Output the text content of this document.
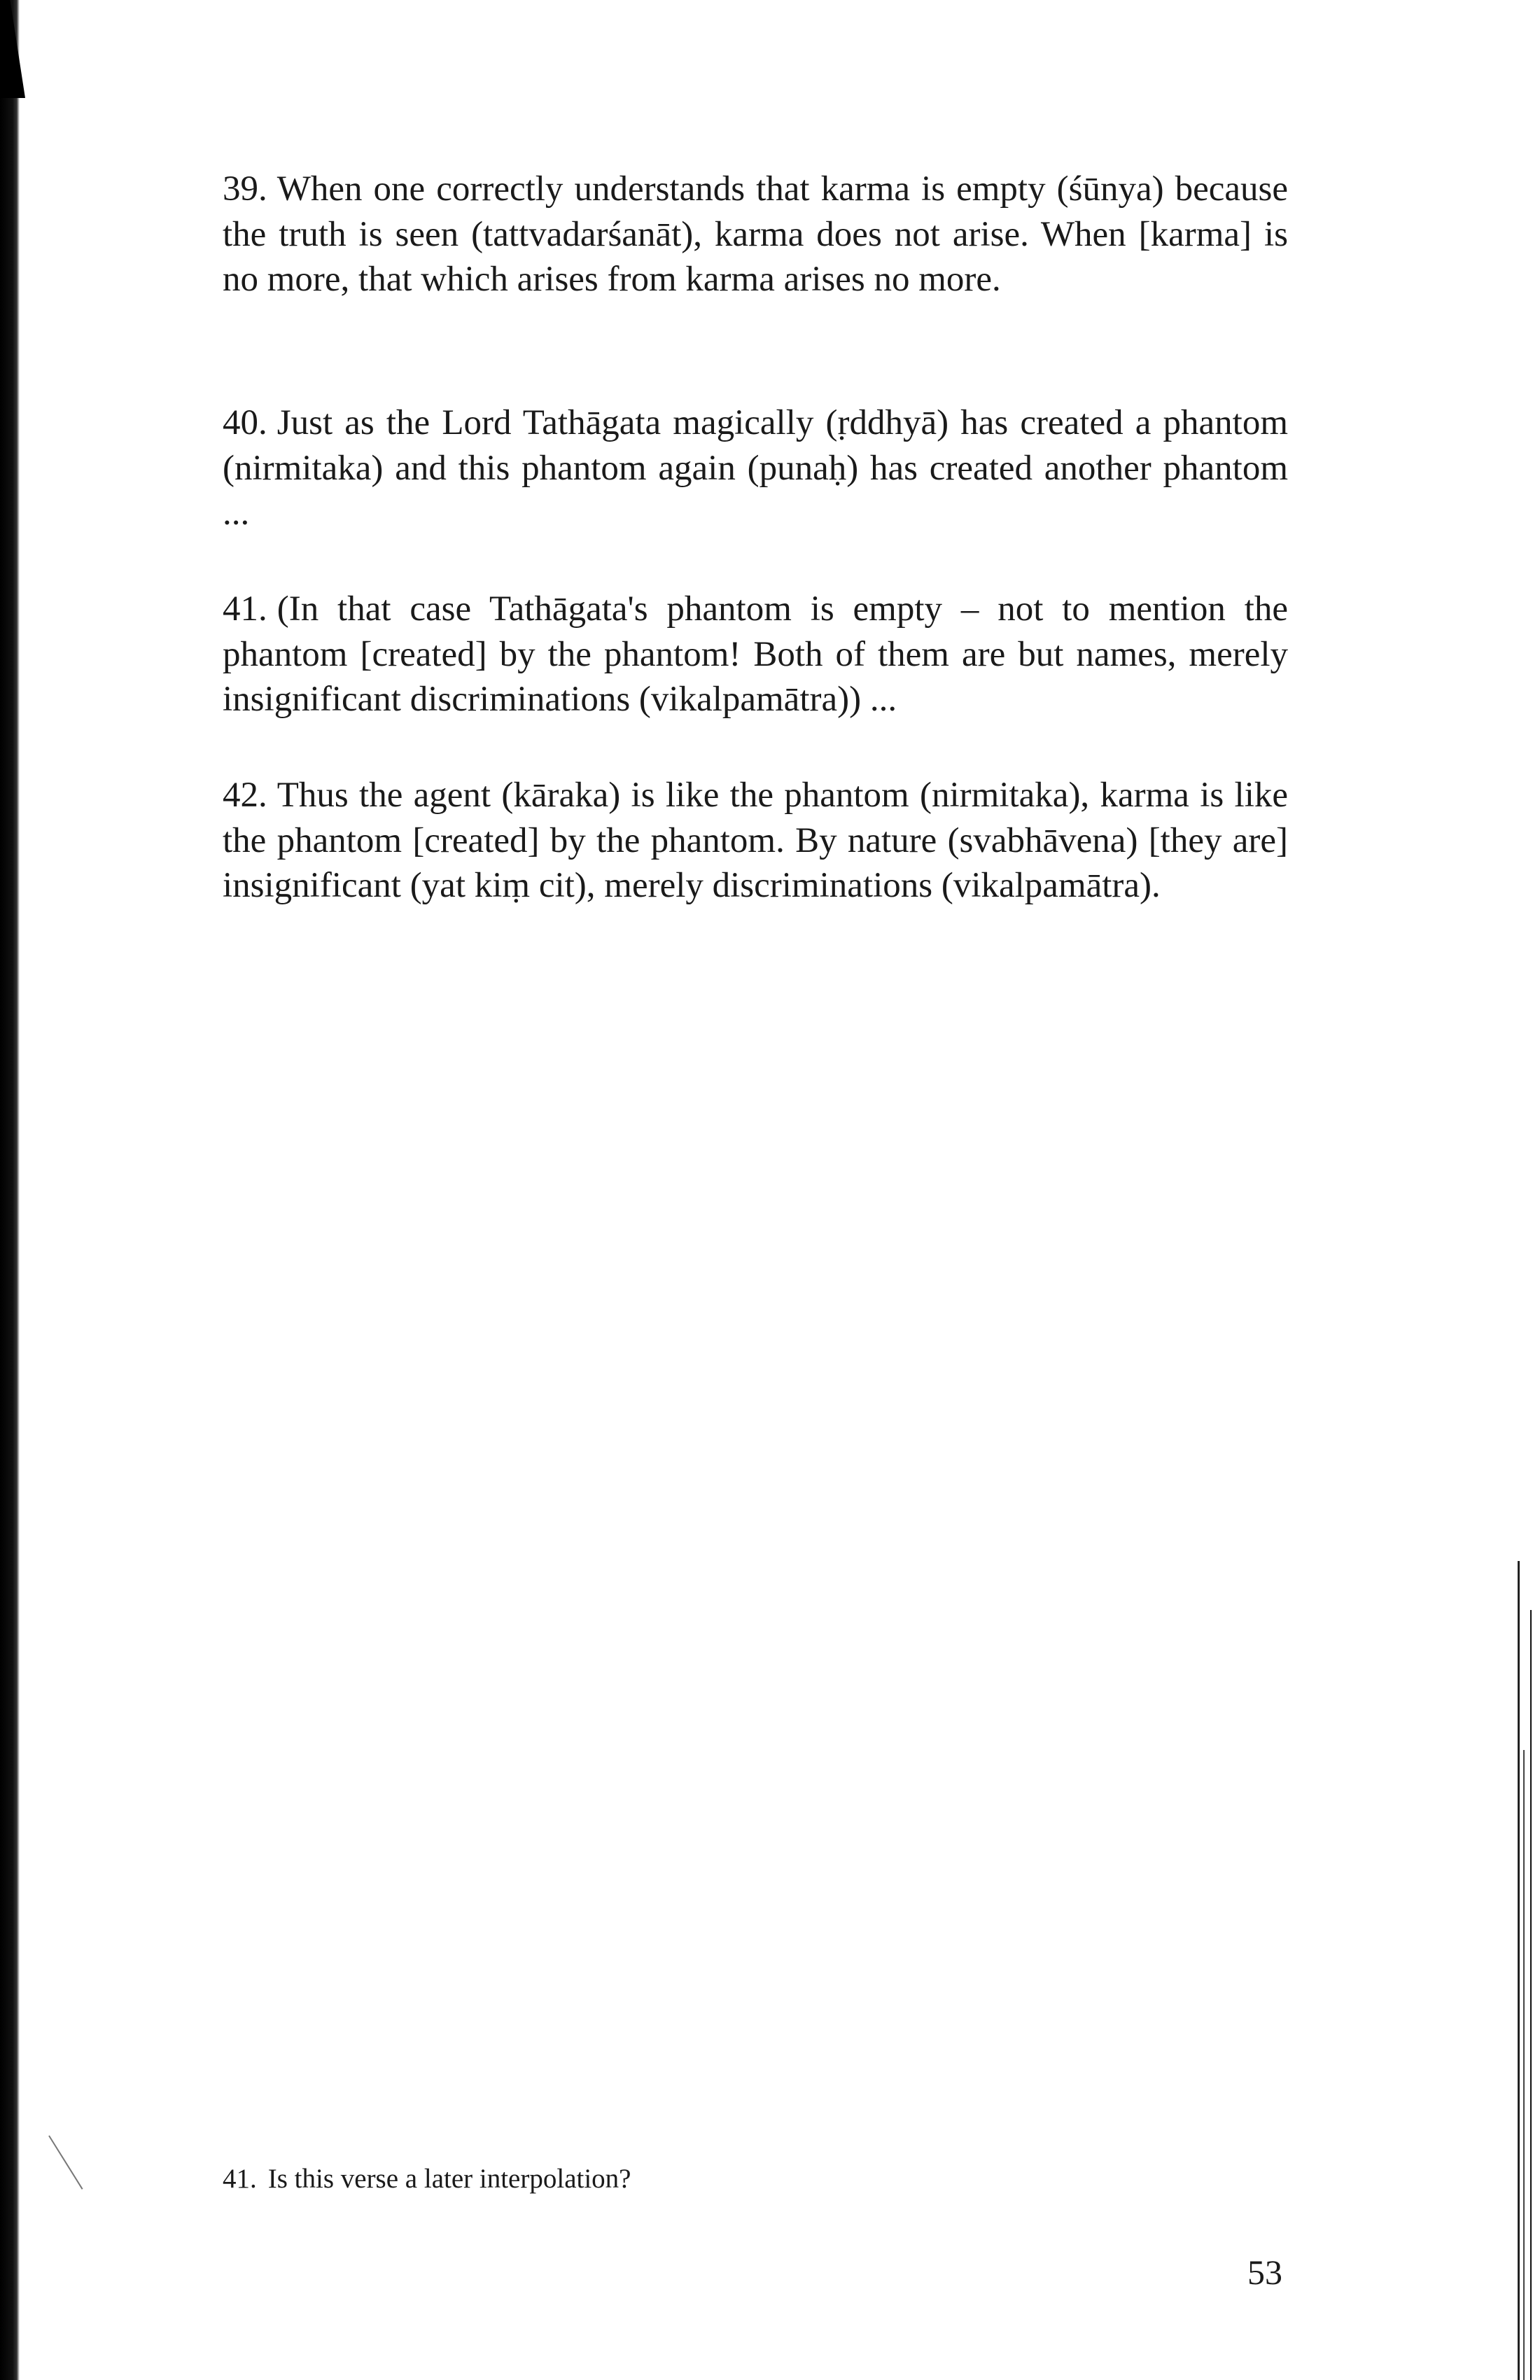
39. When one correctly understands that karma is empty (śūnya) because the truth is seen (tattvadarśanāt), karma does not arise. When [karma] is no more, that which arises from karma arises no more.

40. Just as the Lord Tathāgata magically (ṛddhyā) has created a phantom (nirmitaka) and this phantom again (punaḥ) has created another phantom ...

41. (In that case Tathāgata's phantom is empty – not to mention the phantom [created] by the phantom! Both of them are but names, merely insignificant discriminations (vikalpamātra)) ...

42. Thus the agent (kāraka) is like the phantom (nirmitaka), karma is like the phantom [created] by the phantom. By nature (svabhāvena) [they are] insignificant (yat kiṃ cit), merely discriminations (vikalpamātra).

41. Is this verse a later interpolation?
53
